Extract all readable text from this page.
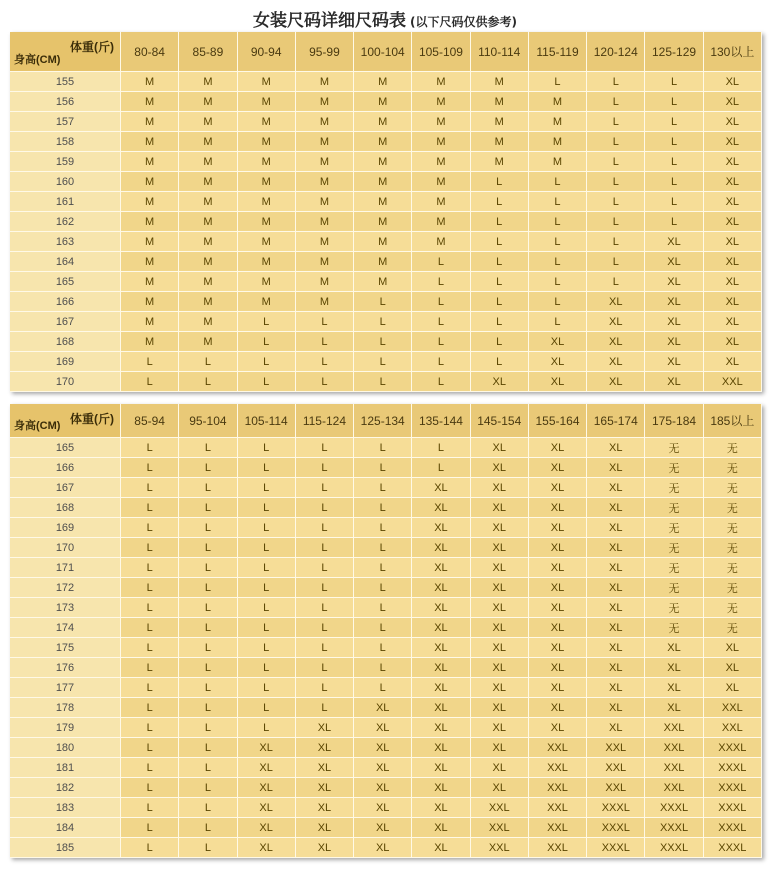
女装尺码详细尺码表 (以下尺码仅供参考)
体重(斤)
身高(CM)	80-84	85-89	90-94	95-99	100-104	105-109	110-114	115-119	120-124	125-129	130以上
155	M	M	M	M	M	M	M	L	L	L	XL
156	M	M	M	M	M	M	M	M	L	L	XL
157	M	M	M	M	M	M	M	M	L	L	XL
158	M	M	M	M	M	M	M	M	L	L	XL
159	M	M	M	M	M	M	M	M	L	L	XL
160	M	M	M	M	M	M	L	L	L	L	XL
161	M	M	M	M	M	M	L	L	L	L	XL
162	M	M	M	M	M	M	L	L	L	L	XL
163	M	M	M	M	M	M	L	L	L	XL	XL
164	M	M	M	M	M	L	L	L	L	XL	XL
165	M	M	M	M	M	L	L	L	L	XL	XL
166	M	M	M	M	L	L	L	L	XL	XL	XL
167	M	M	L	L	L	L	L	L	XL	XL	XL
168	M	M	L	L	L	L	L	XL	XL	XL	XL
169	L	L	L	L	L	L	L	XL	XL	XL	XL
170	L	L	L	L	L	L	XL	XL	XL	XL	XXL
体重(斤)
身高(CM)	85-94	95-104	105-114	115-124	125-134	135-144	145-154	155-164	165-174	175-184	185以上
165	L	L	L	L	L	L	XL	XL	XL	无	无
166	L	L	L	L	L	L	XL	XL	XL	无	无
167	L	L	L	L	L	XL	XL	XL	XL	无	无
168	L	L	L	L	L	XL	XL	XL	XL	无	无
169	L	L	L	L	L	XL	XL	XL	XL	无	无
170	L	L	L	L	L	XL	XL	XL	XL	无	无
171	L	L	L	L	L	XL	XL	XL	XL	无	无
172	L	L	L	L	L	XL	XL	XL	XL	无	无
173	L	L	L	L	L	XL	XL	XL	XL	无	无
174	L	L	L	L	L	XL	XL	XL	XL	无	无
175	L	L	L	L	L	XL	XL	XL	XL	XL	XL
176	L	L	L	L	L	XL	XL	XL	XL	XL	XL
177	L	L	L	L	L	XL	XL	XL	XL	XL	XL
178	L	L	L	L	XL	XL	XL	XL	XL	XL	XXL
179	L	L	L	XL	XL	XL	XL	XL	XL	XXL	XXL
180	L	L	XL	XL	XL	XL	XL	XXL	XXL	XXL	XXXL
181	L	L	XL	XL	XL	XL	XL	XXL	XXL	XXL	XXXL
182	L	L	XL	XL	XL	XL	XL	XXL	XXL	XXL	XXXL
183	L	L	XL	XL	XL	XL	XXL	XXL	XXXL	XXXL	XXXL
184	L	L	XL	XL	XL	XL	XXL	XXL	XXXL	XXXL	XXXL
185	L	L	XL	XL	XL	XL	XXL	XXL	XXXL	XXXL	XXXL
